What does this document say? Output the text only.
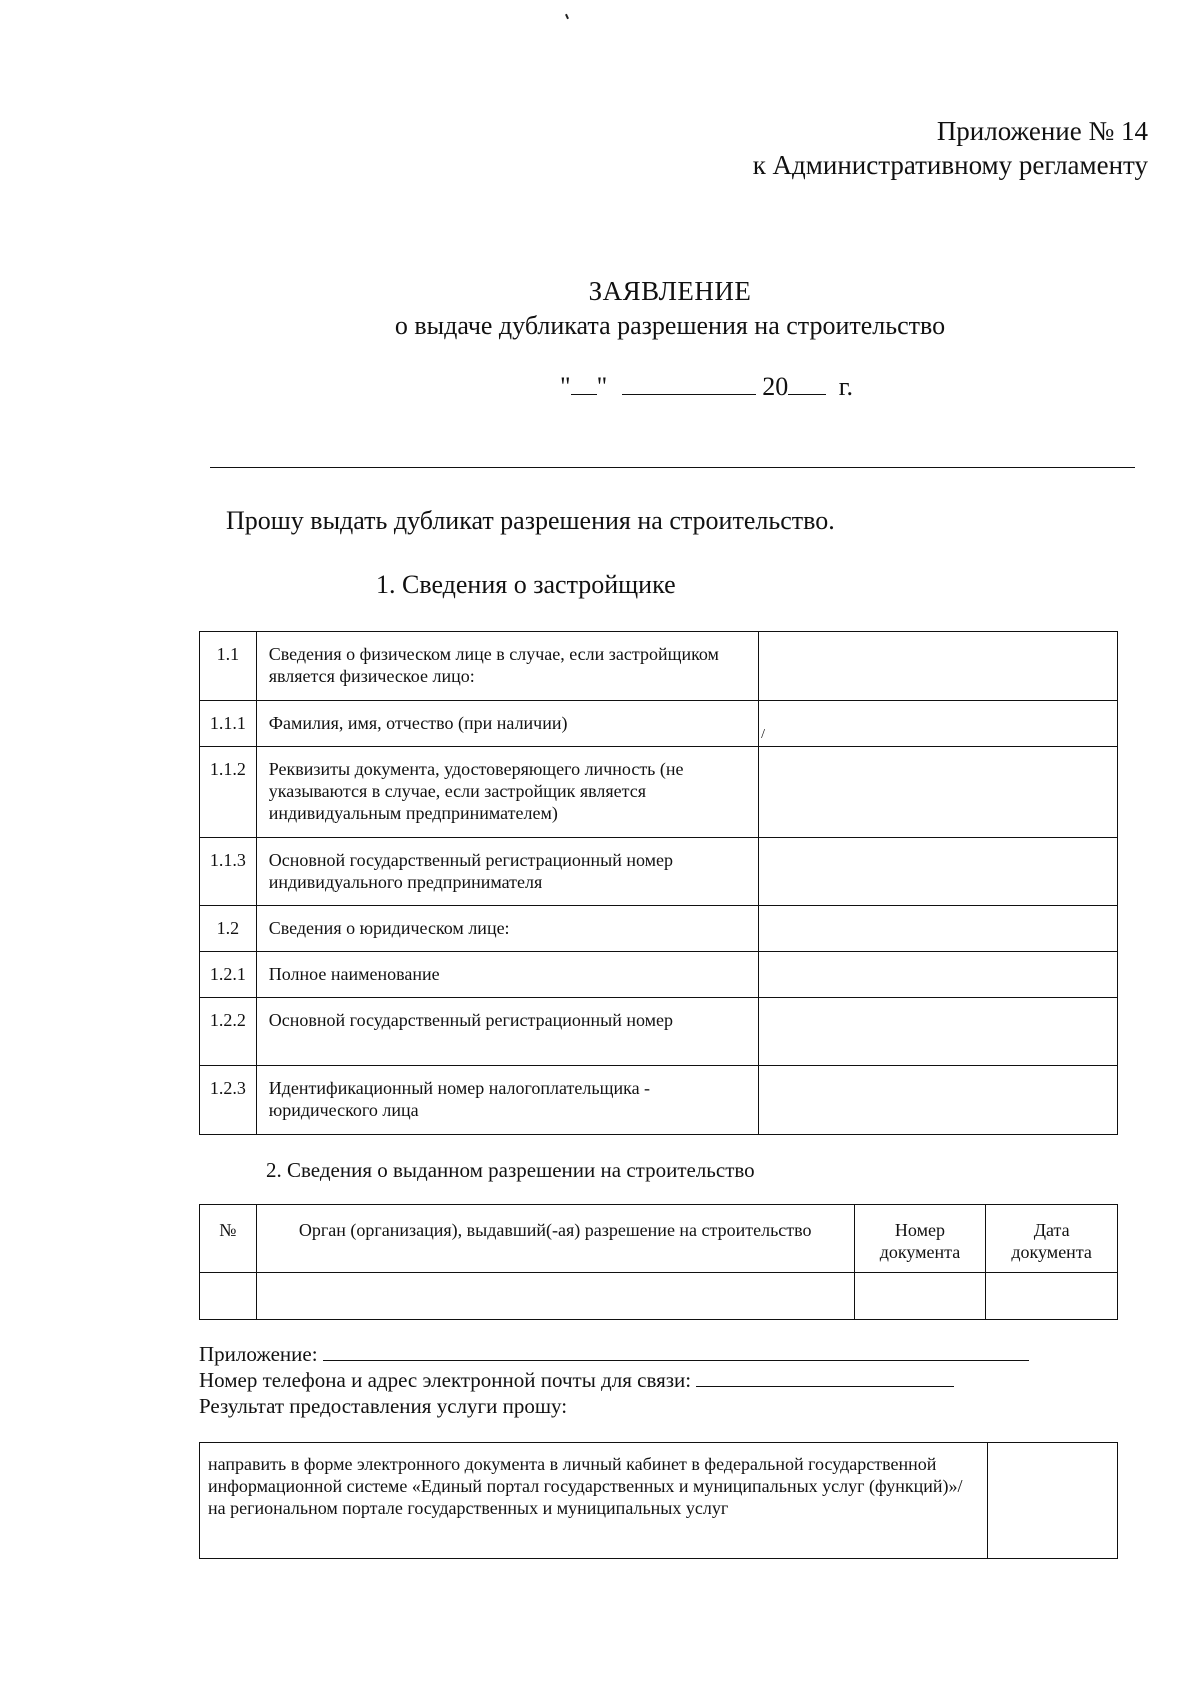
Приложение № 14
к Административному регламенту
ЗАЯВЛЕНИЕ
о выдаче дубликата разрешения на строительство
" "	20 г.
Прошу выдать дубликат разрешения на строительство.
1. Сведения о застройщике
1.1	Сведения о физическом лице в случае, если застройщиком является физическое лицо:	
1.1.1	Фамилия, имя, отчество (при наличии)	/

1.1.2	Реквизиты документа, удостоверяющего личность (не указываются в случае, если застройщик является индивидуальным предпринимателем)	
1.1.3	Основной государственный регистрационный номер индивидуального предпринимателя	
1.2	Сведения о юридическом лице:	
1.2.1	Полное наименование	
1.2.2	Основной государственный регистрационный номер	
1.2.3	Идентификационный номер налогоплательщика - юридического лица	
2. Сведения о выданном разрешении на строительство
№	Орган (организация), выдавший(-ая) разрешение на строительство	Номер документа	Дата документа

Приложение:
Номер телефона и адрес электронной почты для связи:
Результат предоставления услуги прошу:
направить в форме электронного документа в личный кабинет в федеральной государственной информационной системе «Единый портал государственных и муниципальных услуг (функций)»/на региональном портале государственных и муниципальных услуг	
